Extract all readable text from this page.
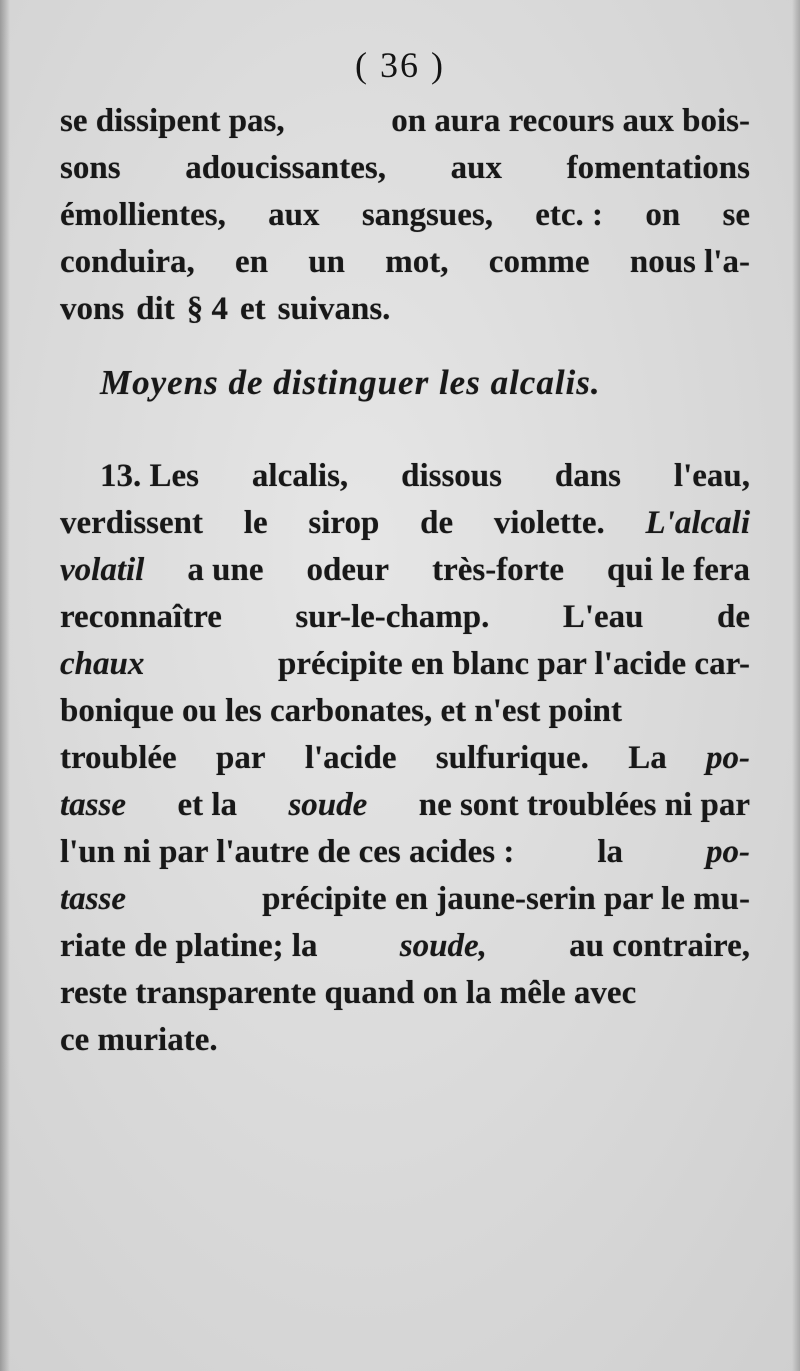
( 36 )
se dissipent pas,	on aura recours aux bois-
sons adoucissantes, aux fomentations
émollientes, aux sangsues, etc. : on se
conduira, en un mot, comme nous l'a-
vons dit § 4 et suivans.
Moyens de distinguer les alcalis.
13. Les alcalis, dissous dans l'eau,
verdissent le sirop de violette. L'alcali
volatil a une odeur très-forte qui le fera
reconnaître sur-le-champ. L'eau de
chaux	précipite en blanc par l'acide car-
bonique ou les carbonates, et n'est point
troublée par l'acide sulfurique. La po-
tasse et la soude ne sont troublées ni par
l'un ni par l'autre de ces acides :	la	po-
tasse	précipite en jaune-serin par le mu-
riate de platine; la soude, au contraire,
reste transparente quand on la mêle avec
ce muriate.
